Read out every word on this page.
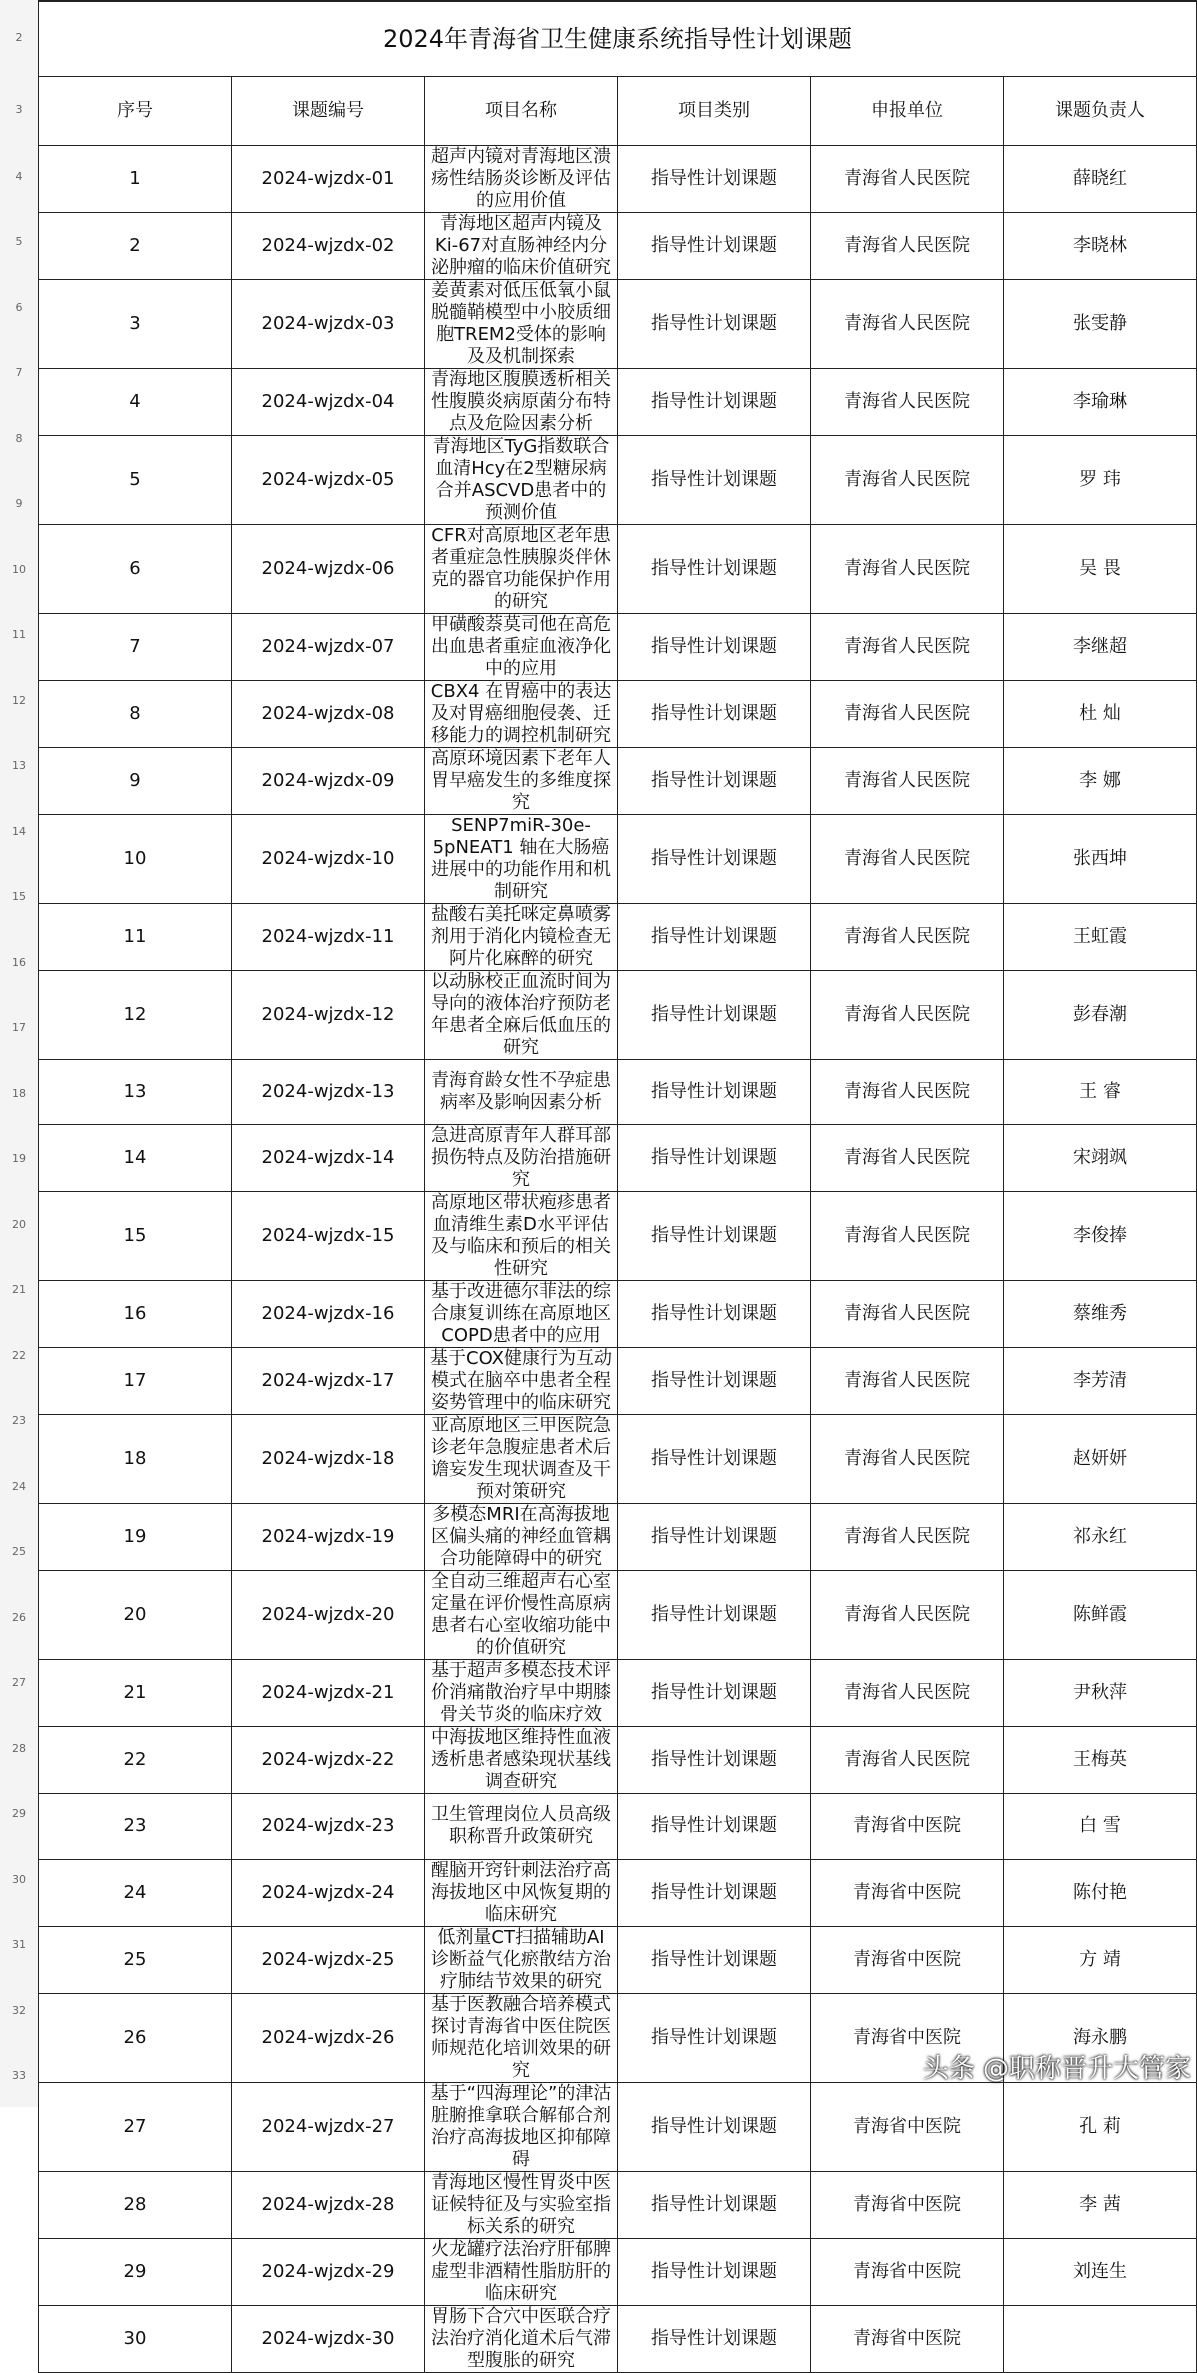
2
3
4
5
6
7
8
9
10
11
12
13
14
15
16
17
18
19
20
21
22
23
24
25
26
27
28
29
30
31
32
33
2024年青海省卫生健康系统指导性计划课题					
序号	课题编号	项目名称	项目类别	申报单位	课题负责人
1	2024-wjzdx-01	超声内镜对青海地区溃疡性结肠炎诊断及评估的应用价值	指导性计划课题	青海省人民医院	薛晓红
2	2024-wjzdx-02	青海地区超声内镜及Ki-67对直肠神经内分泌肿瘤的临床价值研究	指导性计划课题	青海省人民医院	李晓林
3	2024-wjzdx-03	姜黄素对低压低氧小鼠脱髓鞘模型中小胶质细胞TREM2受体的影响及及机制探索	指导性计划课题	青海省人民医院	张雯静
4	2024-wjzdx-04	青海地区腹膜透析相关性腹膜炎病原菌分布特点及危险因素分析	指导性计划课题	青海省人民医院	李瑜琳
5	2024-wjzdx-05	青海地区TyG指数联合血清Hcy在2型糖尿病合并ASCVD患者中的预测价值	指导性计划课题	青海省人民医院	罗 玮
6	2024-wjzdx-06	CFR对高原地区老年患者重症急性胰腺炎伴休克的器官功能保护作用的研究	指导性计划课题	青海省人民医院	吴 畏
7	2024-wjzdx-07	甲磺酸萘莫司他在高危出血患者重症血液净化中的应用	指导性计划课题	青海省人民医院	李继超
8	2024-wjzdx-08	CBX4 在胃癌中的表达及对胃癌细胞侵袭、迁移能力的调控机制研究	指导性计划课题	青海省人民医院	杜 灿
9	2024-wjzdx-09	高原环境因素下老年人胃早癌发生的多维度探究	指导性计划课题	青海省人民医院	李 娜
10	2024-wjzdx-10	SENP7miR-30e-5pNEAT1 轴在大肠癌进展中的功能作用和机制研究	指导性计划课题	青海省人民医院	张西坤
11	2024-wjzdx-11	盐酸右美托咪定鼻喷雾剂用于消化内镜检查无阿片化麻醉的研究	指导性计划课题	青海省人民医院	王虹霞
12	2024-wjzdx-12	以动脉校正血流时间为导向的液体治疗预防老年患者全麻后低血压的研究	指导性计划课题	青海省人民医院	彭春潮
13	2024-wjzdx-13	青海育龄女性不孕症患病率及影响因素分析	指导性计划课题	青海省人民医院	王 睿
14	2024-wjzdx-14	急进高原青年人群耳部损伤特点及防治措施研究	指导性计划课题	青海省人民医院	宋翊飒
15	2024-wjzdx-15	高原地区带状疱疹患者血清维生素D水平评估及与临床和预后的相关性研究	指导性计划课题	青海省人民医院	李俊捧
16	2024-wjzdx-16	基于改进德尔菲法的综合康复训练在高原地区COPD患者中的应用	指导性计划课题	青海省人民医院	蔡维秀
17	2024-wjzdx-17	基于COX健康行为互动模式在脑卒中患者全程姿势管理中的临床研究	指导性计划课题	青海省人民医院	李芳清
18	2024-wjzdx-18	亚高原地区三甲医院急诊老年急腹症患者术后谵妄发生现状调查及干预对策研究	指导性计划课题	青海省人民医院	赵妍妍
19	2024-wjzdx-19	多模态MRI在高海拔地区偏头痛的神经血管耦合功能障碍中的研究	指导性计划课题	青海省人民医院	祁永红
20	2024-wjzdx-20	全自动三维超声右心室定量在评价慢性高原病患者右心室收缩功能中的价值研究	指导性计划课题	青海省人民医院	陈鲜霞
21	2024-wjzdx-21	基于超声多模态技术评价消痛散治疗早中期膝骨关节炎的临床疗效	指导性计划课题	青海省人民医院	尹秋萍
22	2024-wjzdx-22	中海拔地区维持性血液透析患者感染现状基线调查研究	指导性计划课题	青海省人民医院	王梅英
23	2024-wjzdx-23	卫生管理岗位人员高级职称晋升政策研究	指导性计划课题	青海省中医院	白 雪
24	2024-wjzdx-24	醒脑开窍针刺法治疗高海拔地区中风恢复期的临床研究	指导性计划课题	青海省中医院	陈付艳
25	2024-wjzdx-25	低剂量CT扫描辅助AI诊断益气化瘀散结方治疗肺结节效果的研究	指导性计划课题	青海省中医院	方 靖
26	2024-wjzdx-26	基于医教融合培养模式探讨青海省中医住院医师规范化培训效果的研究	指导性计划课题	青海省中医院	海永鹏
27	2024-wjzdx-27	基于“四海理论”的津沽脏腑推拿联合解郁合剂治疗高海拔地区抑郁障碍	指导性计划课题	青海省中医院	孔 莉
28	2024-wjzdx-28	青海地区慢性胃炎中医证候特征及与实验室指标关系的研究	指导性计划课题	青海省中医院	李 茜
29	2024-wjzdx-29	火龙罐疗法治疗肝郁脾虚型非酒精性脂肪肝的临床研究	指导性计划课题	青海省中医院	刘连生
30	2024-wjzdx-30	胃肠下合穴中医联合疗法治疗消化道术后气滞型腹胀的研究	指导性计划课题	青海省中医院	
头条 @职称晋升大管家
